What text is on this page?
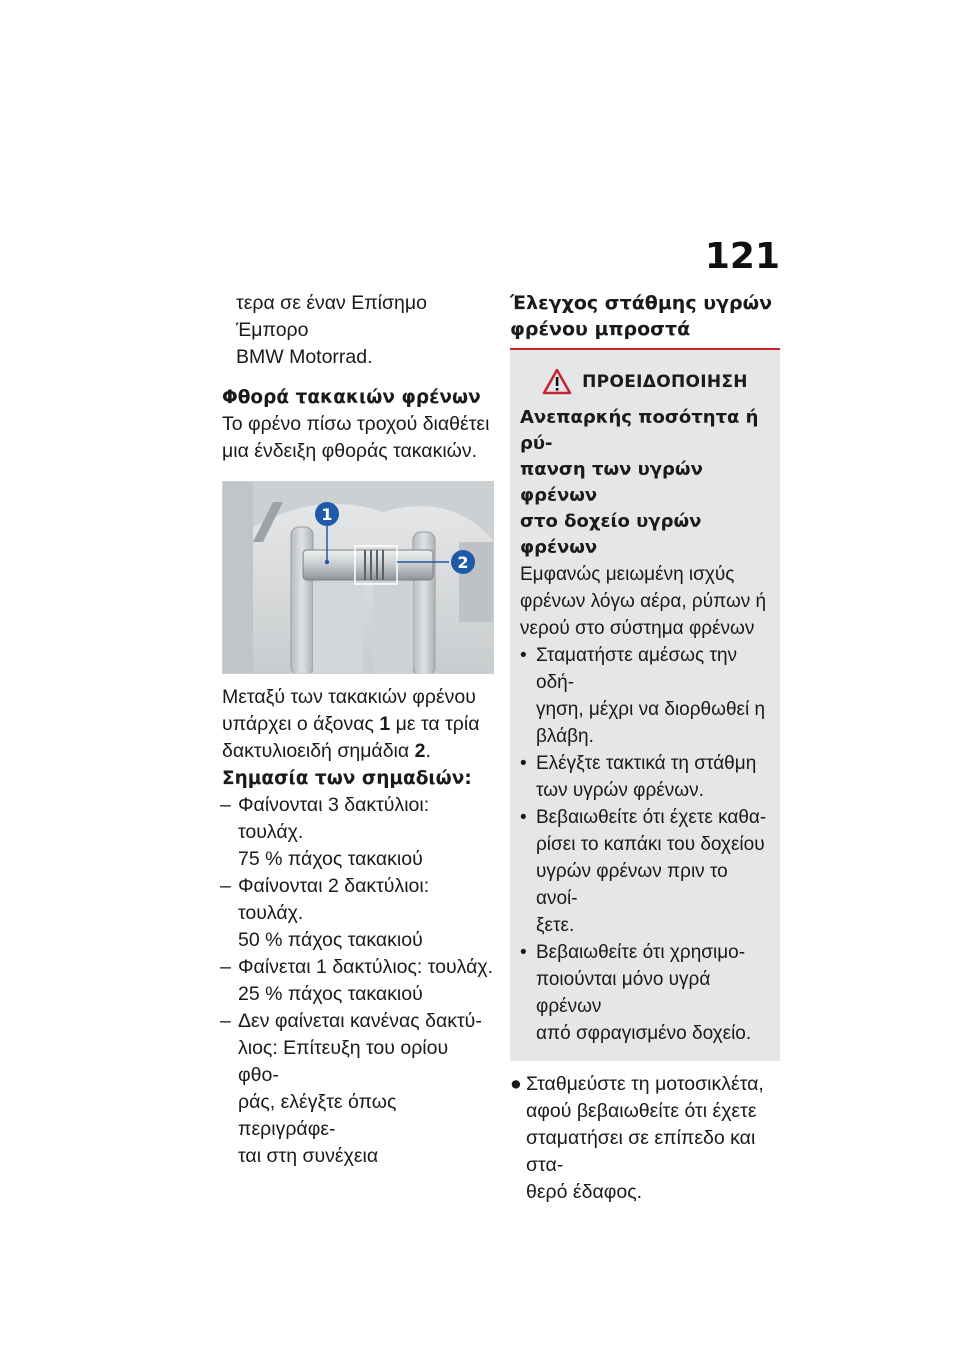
121

τερα σε έναν Επίσημο Έμπορο

BMW Motorrad.

Φθορά τακακιών φρένων

Το φρένο πίσω τροχού διαθέτει

μια ένδειξη φθοράς τακακιών.

1
2

Μεταξύ των τακακιών φρένου

υπάρχει ο άξονας 1 με τα τρία

δακτυλιοειδή σημάδια 2.

Σημασία των σημαδιών:

– Φαίνονται 3 δακτύλιοι: τουλάχ.
75 % πάχος τακακιού
– Φαίνονται 2 δακτύλιοι: τουλάχ.
50 % πάχος τακακιού
– Φαίνεται 1 δακτύλιος: τουλάχ.
25 % πάχος τακακιού
– Δεν φαίνεται κανένας δακτύ-
λιος: Επίτευξη του ορίου φθο-
ράς, ελέγξτε όπως περιγράφε-
ται στη συνέχεια

Έλεγχος στάθμης υγρών

φρένου μπροστά

ΠΡΟΕΙΔΟΠΟΙΗΣΗ

Ανεπαρκής ποσότητα ή ρύ-

πανση των υγρών φρένων

στο δοχείο υγρών φρένων

Εμφανώς μειωμένη ισχύς

φρένων λόγω αέρα, ρύπων ή

νερού στο σύστημα φρένων

• Σταματήστε αμέσως την οδή-
γηση, μέχρι να διορθωθεί η
βλάβη.
• Ελέγξτε τακτικά τη στάθμη
των υγρών φρένων.
• Βεβαιωθείτε ότι έχετε καθα-
ρίσει το καπάκι του δοχείου
υγρών φρένων πριν το ανοί-
ξετε.
• Βεβαιωθείτε ότι χρησιμο-
ποιούνται μόνο υγρά φρένων
από σφραγισμένο δοχείο.
● Σταθμεύστε τη μοτοσικλέτα,
αφού βεβαιωθείτε ότι έχετε
σταματήσει σε επίπεδο και στα-
θερό έδαφος.
